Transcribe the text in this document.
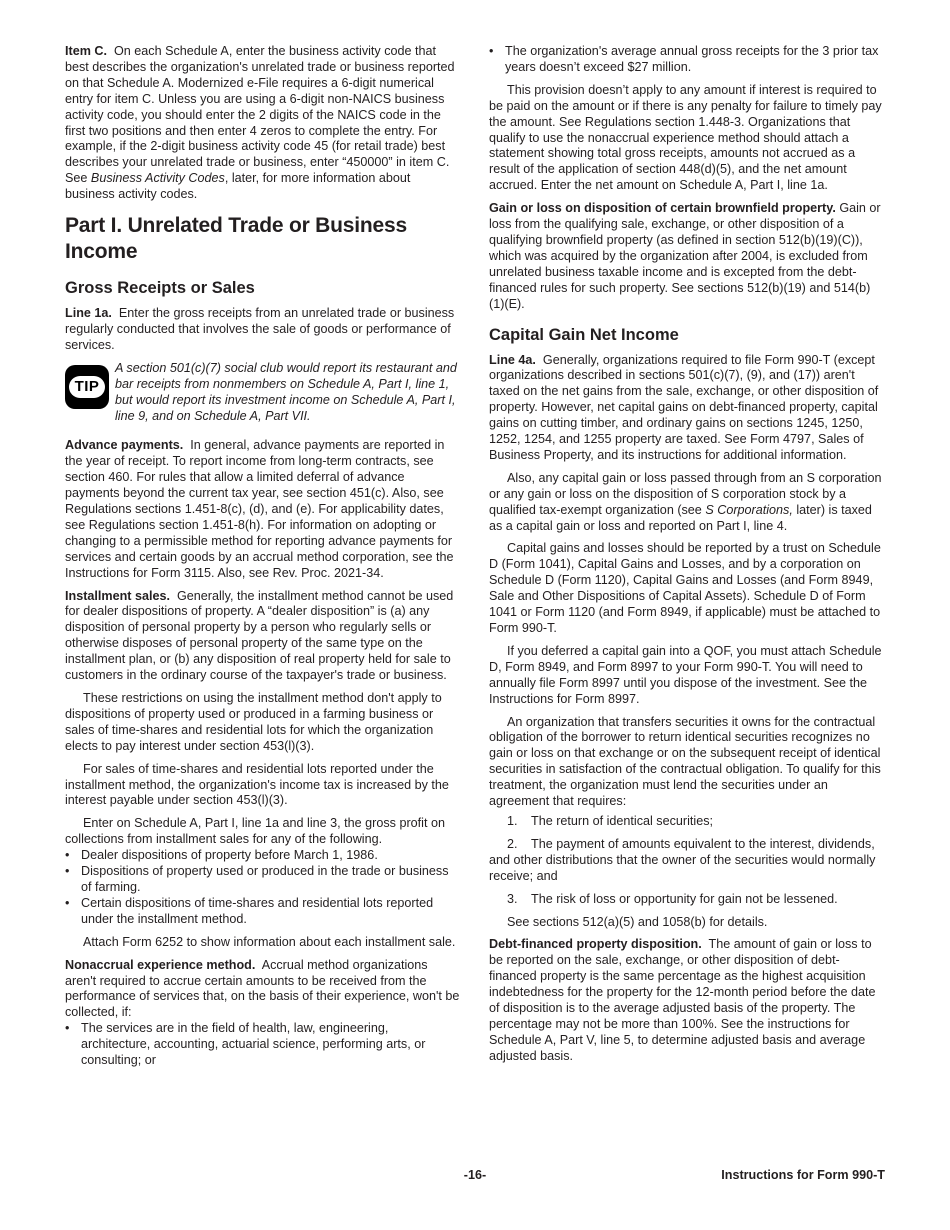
Item C. On each Schedule A, enter the business activity code that best describes the organization's unrelated trade or business reported on that Schedule A. Modernized e-File requires a 6-digit numerical entry for item C. Unless you are using a 6-digit non-NAICS business activity code, you should enter the 2 digits of the NAICS code in the first two positions and then enter 4 zeros to complete the entry. For example, if the 2-digit business activity code 45 (for retail trade) best describes your unrelated trade or business, enter “450000” in item C. See Business Activity Codes, later, for more information about business activity codes.

Part I. Unrelated Trade or Business Income
Gross Receipts or Sales

Line 1a. Enter the gross receipts from an unrelated trade or business regularly conducted that involves the sale of goods or performance of services.

TIP
A section 501(c)(7) social club would report its restaurant and bar receipts from nonmembers on Schedule A, Part I, line 1, but would report its investment income on Schedule A, Part I, line 9, and on Schedule A, Part VII.

Advance payments. In general, advance payments are reported in the year of receipt. To report income from long-term contracts, see section 460. For rules that allow a limited deferral of advance payments beyond the current tax year, see section 451(c). Also, see Regulations sections 1.451-8(c), (d), and (e). For applicability dates, see Regulations section 1.451-8(h). For information on adopting or changing to a permissible method for reporting advance payments for services and certain goods by an accrual method corporation, see the Instructions for Form 3115. Also, see Rev. Proc. 2021-34.

Installment sales. Generally, the installment method cannot be used for dealer dispositions of property. A “dealer disposition” is (a) any disposition of personal property by a person who regularly sells or otherwise disposes of personal property of the same type on the installment plan, or (b) any disposition of real property held for sale to customers in the ordinary course of the taxpayer's trade or business.

These restrictions on using the installment method don't apply to dispositions of property used or produced in a farming business or sales of time-shares and residential lots for which the organization elects to pay interest under section 453(l)(3).

For sales of time-shares and residential lots reported under the installment method, the organization's income tax is increased by the interest payable under section 453(l)(3).

Enter on Schedule A, Part I, line 1a and line 3, the gross profit on collections from installment sales for any of the following.

• Dealer dispositions of property before March 1, 1986.
• Dispositions of property used or produced in the trade or business of farming.
• Certain dispositions of time-shares and residential lots reported under the installment method.

Attach Form 6252 to show information about each installment sale.

Nonaccrual experience method. Accrual method organizations aren't required to accrue certain amounts to be received from the performance of services that, on the basis of their experience, won't be collected, if:

• The services are in the field of health, law, engineering, architecture, accounting, actuarial science, performing arts, or consulting; or
• The organization's average annual gross receipts for the 3 prior tax years doesn’t exceed $27 million.

This provision doesn’t apply to any amount if interest is required to be paid on the amount or if there is any penalty for failure to timely pay the amount. See Regulations section 1.448-3. Organizations that qualify to use the nonaccrual experience method should attach a statement showing total gross receipts, amounts not accrued as a result of the application of section 448(d)(5), and the net amount accrued. Enter the net amount on Schedule A, Part I, line 1a.

Gain or loss on disposition of certain brownfield property. Gain or loss from the qualifying sale, exchange, or other disposition of a qualifying brownfield property (as defined in section 512(b)(19)(C)), which was acquired by the organization after 2004, is excluded from unrelated business taxable income and is excepted from the debt-financed rules for such property. See sections 512(b)(19) and 514(b)(1)(E).

Capital Gain Net Income

Line 4a. Generally, organizations required to file Form 990-T (except organizations described in sections 501(c)(7), (9), and (17)) aren't taxed on the net gains from the sale, exchange, or other disposition of property. However, net capital gains on debt-financed property, capital gains on cutting timber, and ordinary gains on sections 1245, 1250, 1252, 1254, and 1255 property are taxed. See Form 4797, Sales of Business Property, and its instructions for additional information.

Also, any capital gain or loss passed through from an S corporation or any gain or loss on the disposition of S corporation stock by a qualified tax-exempt organization (see S Corporations, later) is taxed as a capital gain or loss and reported on Part I, line 4.

Capital gains and losses should be reported by a trust on Schedule D (Form 1041), Capital Gains and Losses, and by a corporation on Schedule D (Form 1120), Capital Gains and Losses (and Form 8949, Sale and Other Dispositions of Capital Assets). Schedule D of Form 1041 or Form 1120 (and Form 8949, if applicable) must be attached to Form 990-T.

If you deferred a capital gain into a QOF, you must attach Schedule D, Form 8949, and Form 8997 to your Form 990-T. You will need to annually file Form 8997 until you dispose of the investment. See the Instructions for Form 8997.

An organization that transfers securities it owns for the contractual obligation of the borrower to return identical securities recognizes no gain or loss on that exchange or on the subsequent receipt of identical securities in satisfaction of the contractual obligation. To qualify for this treatment, the organization must lend the securities under an agreement that requires:

1. The return of identical securities;
2. The payment of amounts equivalent to the interest, dividends, and other distributions that the owner of the securities would normally receive; and
3. The risk of loss or opportunity for gain not be lessened.

See sections 512(a)(5) and 1058(b) for details.

Debt-financed property disposition. The amount of gain or loss to be reported on the sale, exchange, or other disposition of debt-financed property is the same percentage as the highest acquisition indebtedness for the property for the 12-month period before the date of disposition is to the average adjusted basis of the property. The percentage may not be more than 100%. See the instructions for Schedule A, Part V, line 5, to determine adjusted basis and average adjusted basis.

-16-	Instructions for Form 990-T
